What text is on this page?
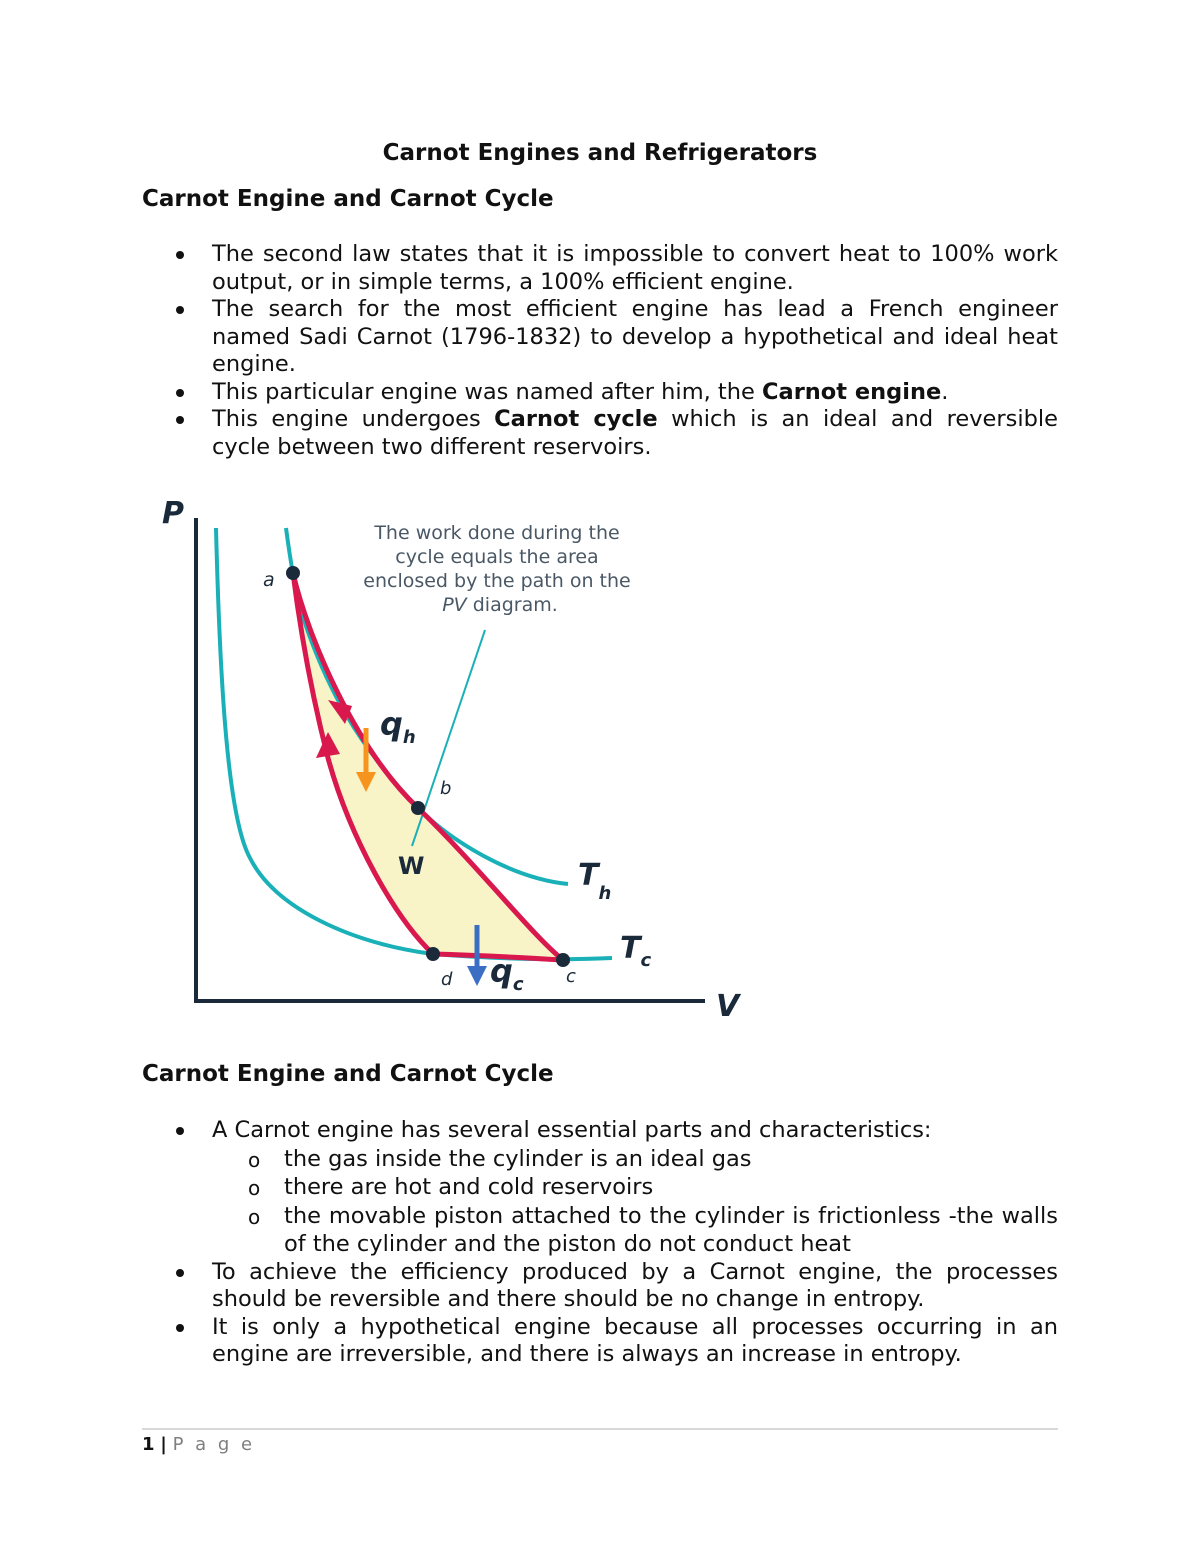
Carnot Engines and Refrigerators
Carnot Engine and Carnot Cycle
The second law states that it is impossible to convert heat to 100% work output, or in simple terms, a 100% efficient engine.
The search for the most efficient engine has lead a French engineer named Sadi Carnot (1796-1832) to develop a hypothetical and ideal heat engine.
This particular engine was named after him, the Carnot engine.
This engine undergoes Carnot cycle which is an ideal and reversible cycle between two different reservoirs.
P
V
The work done during the
cycle equals the area
enclosed by the path on the
PV diagram.
a
b
c
d
W
$q_h$
$q_c$
$T_h$
$T_c$
Carnot Engine and Carnot Cycle
A Carnot engine has several essential parts and characteristics:
o the gas inside the cylinder is an ideal gas
o there are hot and cold reservoirs
o the movable piston attached to the cylinder is frictionless -the walls of the cylinder and the piston do not conduct heat
To achieve the efficiency produced by a Carnot engine, the processes should be reversible and there should be no change in entropy.
It is only a hypothetical engine because all processes occurring in an engine are irreversible, and there is always an increase in entropy.
1 | P a g e
